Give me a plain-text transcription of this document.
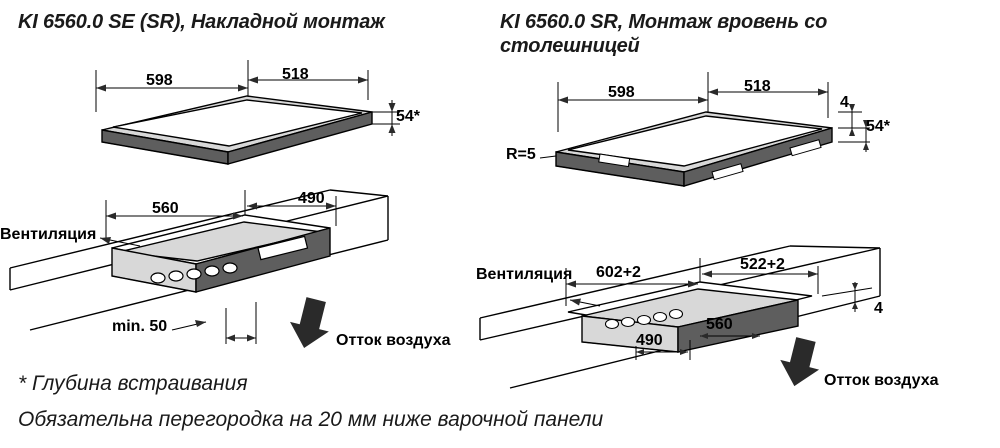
KI 6560.0 SE (SR), Накладной монтаж	KI 6560.0 SR, Монтаж вровень со столешницей
598	518
54*
Вентиляция
560
490
min. 50
Отток воздуха
598	518
4
54*
R=5
Вентиляция 602+2	522+2
490
560
4
Отток воздуха
* Глубина встраивания
Обязательна перегородка на 20 мм ниже варочной панели
